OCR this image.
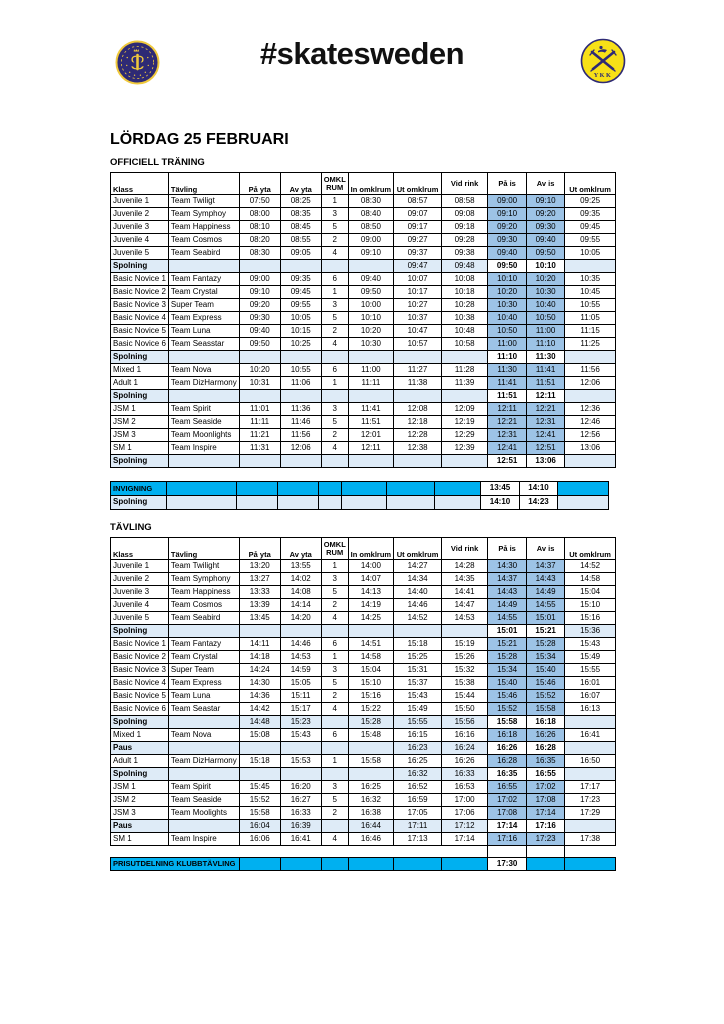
#skatesweden
YKK
LÖRDAG 25 FEBRUARI
OFFICIELL TRÄNING
Klass	Tävling	På yta	Av yta	OMKL RUM	In omklrum	Ut omklrum	Vid rink	På is	Av is	Ut omklrum
Juvenile 1	Team Twiligt	07:50	08:25	1	08:30	08:57	08:58	09:00	09:10	09:25
Juvenile 2	Team Symphoy	08:00	08:35	3	08:40	09:07	09:08	09:10	09:20	09:35
Juvenile 3	Team Happiness	08:10	08:45	5	08:50	09:17	09:18	09:20	09:30	09:45
Juvenile 4	Team Cosmos	08:20	08:55	2	09:00	09:27	09:28	09:30	09:40	09:55
Juvenile 5	Team Seabird	08:30	09:05	4	09:10	09:37	09:38	09:40	09:50	10:05
Spolning						09:47	09:48	09:50	10:10	
Basic Novice 1	Team Fantazy	09:00	09:35	6	09:40	10:07	10:08	10:10	10:20	10:35
Basic Novice 2	Team Crystal	09:10	09:45	1	09:50	10:17	10:18	10:20	10:30	10:45
Basic Novice 3	Super Team	09:20	09:55	3	10:00	10:27	10:28	10:30	10:40	10:55
Basic Novice 4	Team Express	09:30	10:05	5	10:10	10:37	10:38	10:40	10:50	11:05
Basic Novice 5	Team Luna	09:40	10:15	2	10:20	10:47	10:48	10:50	11:00	11:15
Basic Novice 6	Team Seasstar	09:50	10:25	4	10:30	10:57	10:58	11:00	11:10	11:25
Spolning								11:10	11:30	
Mixed 1	Team Nova	10:20	10:55	6	11:00	11:27	11:28	11:30	11:41	11:56
Adult 1	Team DizHarmony	10:31	11:06	1	11:11	11:38	11:39	11:41	11:51	12:06
Spolning								11:51	12:11	
JSM 1	Team Spirit	11:01	11:36	3	11:41	12:08	12:09	12:11	12:21	12:36
JSM 2	Team Seaside	11:11	11:46	5	11:51	12:18	12:19	12:21	12:31	12:46
JSM 3	Team Moonlights	11:21	11:56	2	12:01	12:28	12:29	12:31	12:41	12:56
SM 1	Team Inspire	11:31	12:06	4	12:11	12:38	12:39	12:41	12:51	13:06
Spolning								12:51	13:06	
INVIGNING								13:45	14:10	
Spolning								14:10	14:23	
TÄVLING
Klass	Tävling	På yta	Av yta	OMKL RUM	In omklrum	Ut omklrum	Vid rink	På is	Av is	Ut omklrum
Juvenile 1	Team Twilight	13:20	13:55	1	14:00	14:27	14:28	14:30	14:37	14:52
Juvenile 2	Team Symphony	13:27	14:02	3	14:07	14:34	14:35	14:37	14:43	14:58
Juvenile 3	Team Happiness	13:33	14:08	5	14:13	14:40	14:41	14:43	14:49	15:04
Juvenile 4	Team Cosmos	13:39	14:14	2	14:19	14:46	14:47	14:49	14:55	15:10
Juvenile 5	Team Seabird	13:45	14:20	4	14:25	14:52	14:53	14:55	15:01	15:16
Spolning								15:01	15:21	15:36
Basic Novice 1	Team Fantazy	14:11	14:46	6	14:51	15:18	15:19	15:21	15:28	15:43
Basic Novice 2	Team Crystal	14:18	14:53	1	14:58	15:25	15:26	15:28	15:34	15:49
Basic Novice 3	Super Team	14:24	14:59	3	15:04	15:31	15:32	15:34	15:40	15:55
Basic Novice 4	Team Express	14:30	15:05	5	15:10	15:37	15:38	15:40	15:46	16:01
Basic Novice 5	Team Luna	14:36	15:11	2	15:16	15:43	15:44	15:46	15:52	16:07
Basic Novice 6	Team Seastar	14:42	15:17	4	15:22	15:49	15:50	15:52	15:58	16:13
Spolning		14:48	15:23		15:28	15:55	15:56	15:58	16:18	
Mixed 1	Team Nova	15:08	15:43	6	15:48	16:15	16:16	16:18	16:26	16:41
Paus						16:23	16:24	16:26	16:28	
Adult 1	Team DizHarmony	15:18	15:53	1	15:58	16:25	16:26	16:28	16:35	16:50
Spolning						16:32	16:33	16:35	16:55	
JSM 1	Team Spirit	15:45	16:20	3	16:25	16:52	16:53	16:55	17:02	17:17
JSM 2	Team Seaside	15:52	16:27	5	16:32	16:59	17:00	17:02	17:08	17:23
JSM 3	Team Moolights	15:58	16:33	2	16:38	17:05	17:06	17:08	17:14	17:29
Paus		16:04	16:39		16:44	17:11	17:12	17:14	17:16	
SM 1	Team Inspire	16:06	16:41	4	16:46	17:13	17:14	17:16	17:23	17:38

PRISUTDELNING KLUBBTÄVLING								17:30		
